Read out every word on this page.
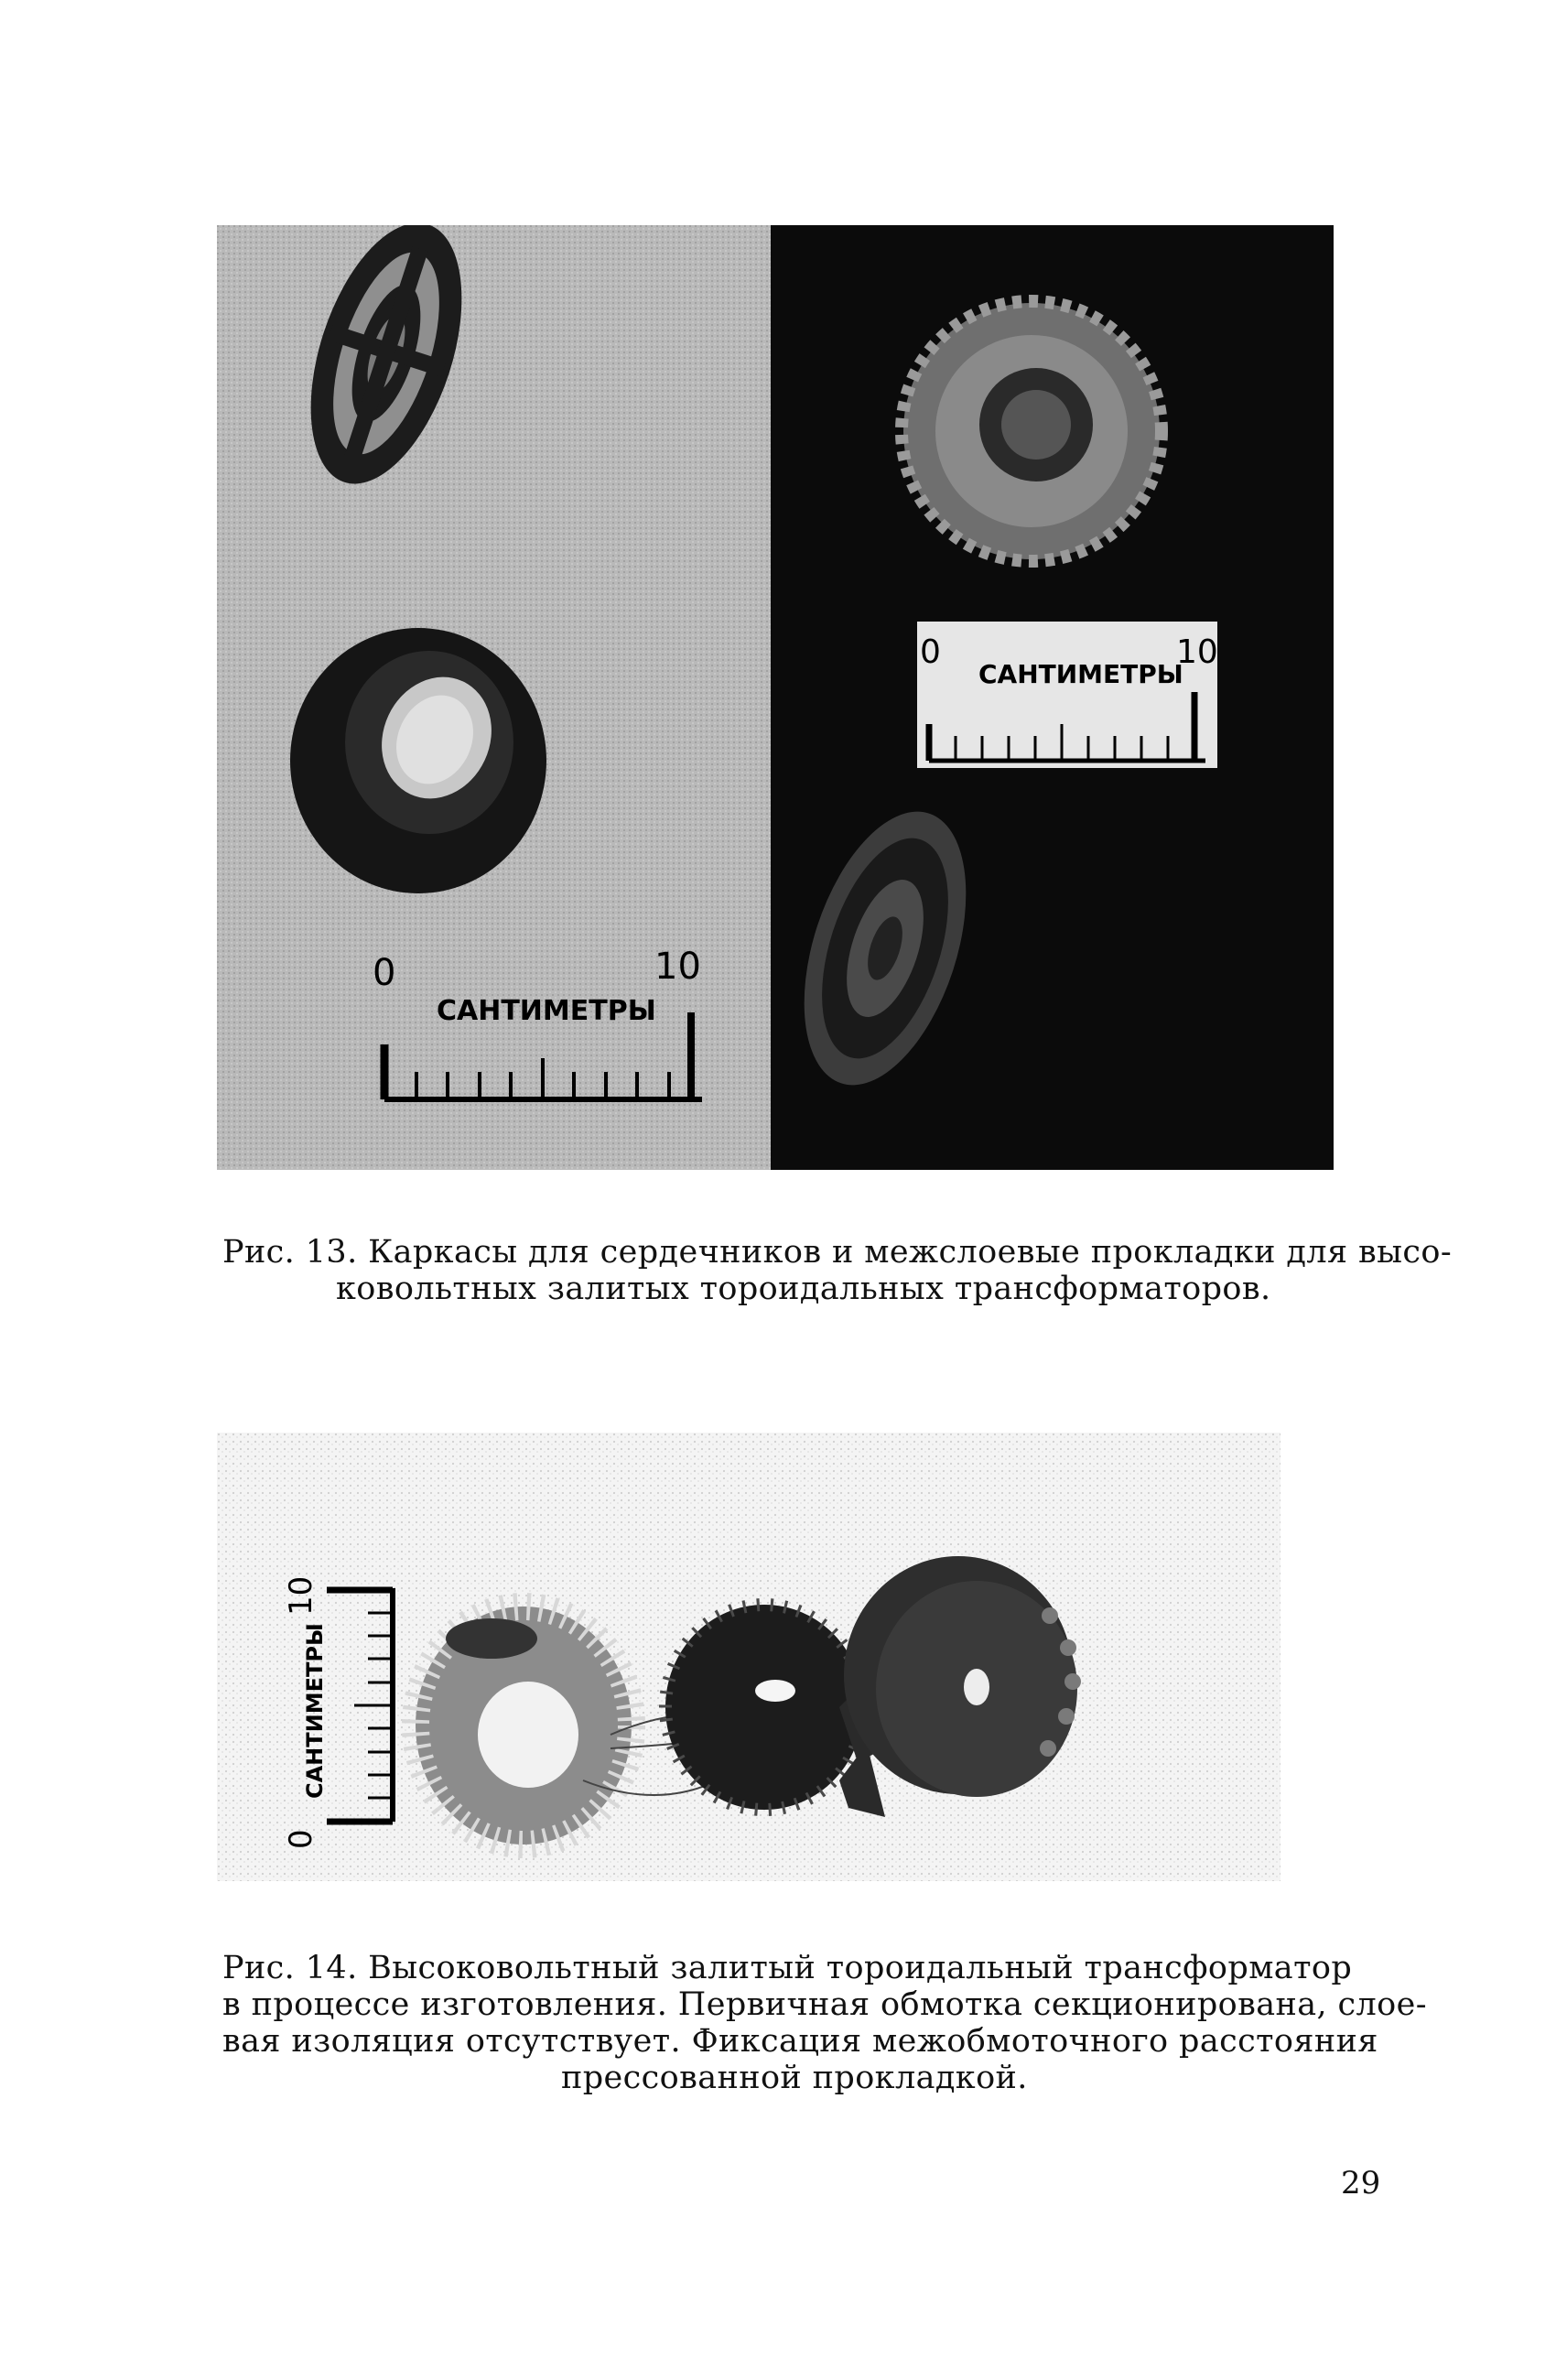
0	10
САНТИМЕТРЫ
0	10
САНТИМЕТРЫ
Рис. 13. Каркасы для сердечников и межслоевые прокладки для высо-
ковольтных залитых тороидальных трансформаторов.
0
10
САНТИМЕТРЫ
Рис. 14. Высоковольтный залитый тороидальный трансформатор
в процессе изготовления. Первичная обмотка секционирована, слое-
вая изоляция отсутствует. Фиксация межобмоточного расстояния
прессованной прокладкой.
29
